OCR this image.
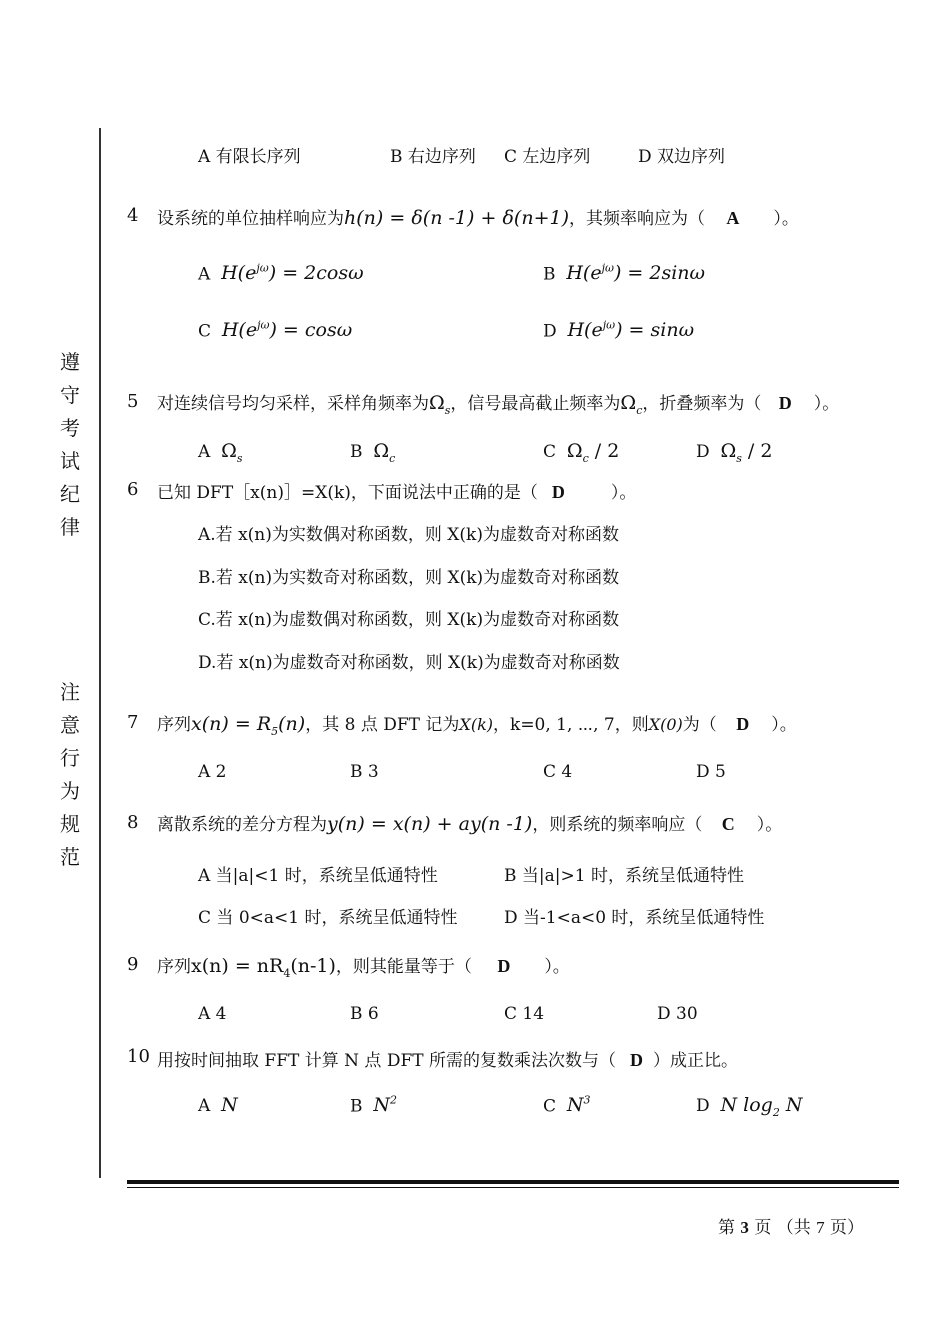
遵
守
考
试
纪
律
注
意
行
为
规
范
A 有限长序列	B 右边序列 C 左边序列	D 双边序列
4 设系统的单位抽样响应为h(n) = δ(n -1) + δ(n+1)，其频率响应为（ A ）。
A $H(e^{j\omega}) = 2\cos\omega$	B $H(e^{j\omega}) = 2\sin\omega$
C $H(e^{j\omega}) = \cos\omega$	D $H(e^{j\omega}) = \sin\omega$
5 对连续信号均匀采样，采样角频率为$\Omega_s$，信号最高截止频率为$\Omega_c$，折叠频率为（ D ）。
A $\Omega_s$	B $\Omega_c$	C $\Omega_c / 2$	D $\Omega_s / 2$
6 已知 DFT［x(n)］=X(k)，下面说法中正确的是（ D	）。
A.若 x(n)为实数偶对称函数，则 X(k)为虚数奇对称函数
B.若 x(n)为实数奇对称函数，则 X(k)为虚数奇对称函数
C.若 x(n)为虚数偶对称函数，则 X(k)为虚数奇对称函数
D.若 x(n)为虚数奇对称函数，则 X(k)为虚数奇对称函数
7 序列$x(n) = R_5(n)$，其 8 点 DFT 记为X(k)，k=0, 1, ⋯, 7，则X(0)为（ D ）。
A 2	B 3	C 4	D 5
8 离散系统的差分方程为y(n) = x(n) + ay(n -1)，则系统的频率响应（ C ）。
A 当|a|<1 时，系统呈低通特性	B 当|a|>1 时，系统呈低通特性
C 当 0<a<1 时，系统呈低通特性	D 当-1<a<0 时，系统呈低通特性
9 序列$x(n) = nR_4(n-1)$，则其能量等于（ D ）。
A 4	B 6	C 14	D 30
10 用按时间抽取 FFT 计算 N 点 DFT 所需的复数乘法次数与（ D ）成正比。
A N	B $N^2$	C $N^3$	D N $\log_2 N$
第 3 页 （共 7 页）
